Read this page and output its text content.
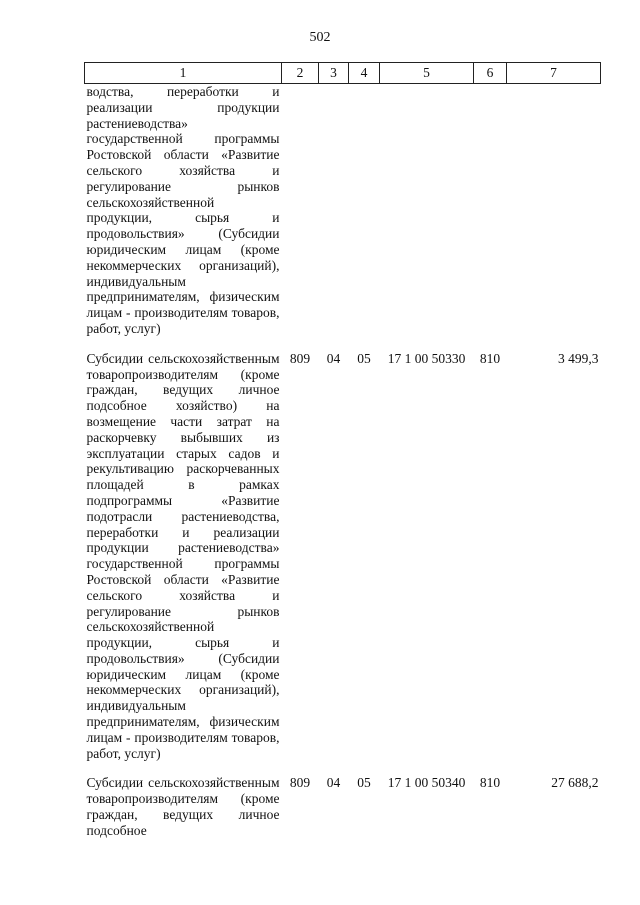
502
1	2	3	4	5	6	7
водства, переработки и реализации продукции растениеводства» государственной программы Ростовской области «Развитие сельского хозяйства и регулирование рынков сельскохозяйственной продукции, сырья и продовольствия» (Субсидии юридическим лицам (кроме некоммерческих организаций), индивидуальным предпринимателям, физическим лицам - производителям товаров, работ, услуг)						

Субсидии сельскохозяйственным товаропроизводителям (кроме граждан, ведущих личное подсобное хозяйство) на возмещение части затрат на раскорчевку выбывших из эксплуатации старых садов и рекультивацию раскорчеванных площадей в рамках подпрограммы «Развитие подотрасли растениеводства, переработки и реализации продукции растениеводства» государственной программы Ростовской области «Развитие сельского хозяйства и регулирование рынков сельскохозяйственной продукции, сырья и продовольствия» (Субсидии юридическим лицам (кроме некоммерческих организаций), индивидуальным предпринимателям, физическим лицам - производителям товаров, работ, услуг)	809	04	05	17 1 00 50330	810	3 499,3

Субсидии сельскохозяйственным товаропроизводителям (кроме граждан, ведущих личное подсобное	809	04	05	17 1 00 50340	810	27 688,2
